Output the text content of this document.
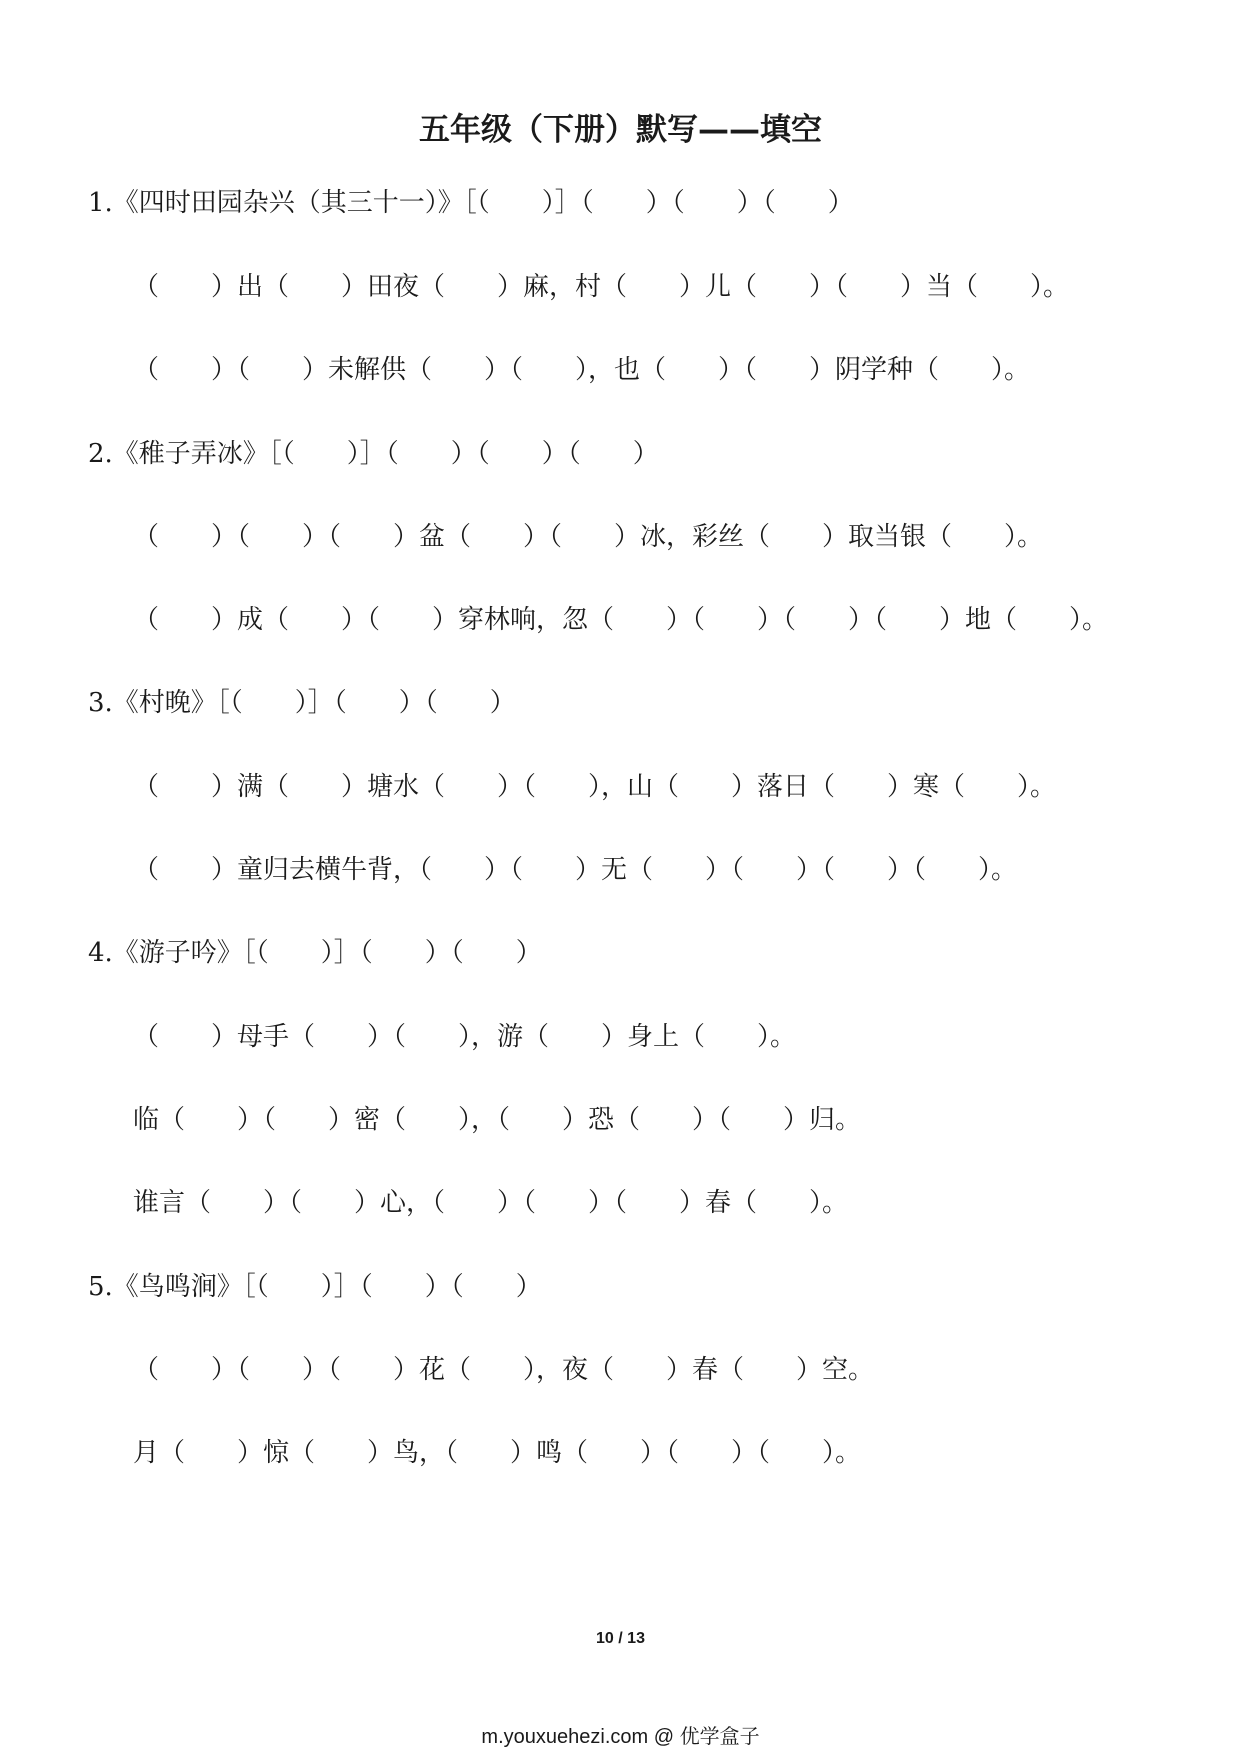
五年级（下册）默写——填空
1.《四时田园杂兴（其三十一）》［（　　）］（　　）（　　）（　　）
（　　）出（　　）田夜（　　）麻，村（　　）儿（　　）（　　）当（　　）。
（　　）（　　）未解供（　　）（　　），也（　　）（　　）阴学种（　　）。
2.《稚子弄冰》［（　　）］（　　）（　　）（　　）
（　　）（　　）（　　）盆（　　）（　　）冰，彩丝（　　）取当银（　　）。
（　　）成（　　）（　　）穿林响，忽（　　）（　　）（　　）（　　）地（　　）。
3.《村晚》［（　　）］（　　）（　　）
（　　）满（　　）塘水（　　）（　　），山（　　）落日（　　）寒（　　）。
（　　）童归去横牛背，（　　）（　　）无（　　）（　　）（　　）（　　）。
4.《游子吟》［（　　）］（　　）（　　）
（　　）母手（　　）（　　），游（　　）身上（　　）。
临（　　）（　　）密（　　），（　　）恐（　　）（　　）归。
谁言（　　）（　　）心，（　　）（　　）（　　）春（　　）。
5.《鸟鸣涧》［（　　）］（　　）（　　）
（　　）（　　）（　　）花（　　），夜（　　）春（　　）空。
月（　　）惊（　　）鸟，（　　）鸣（　　）（　　）（　　）。
10 / 13
m.youxuehezi.com @ 优学盒子
